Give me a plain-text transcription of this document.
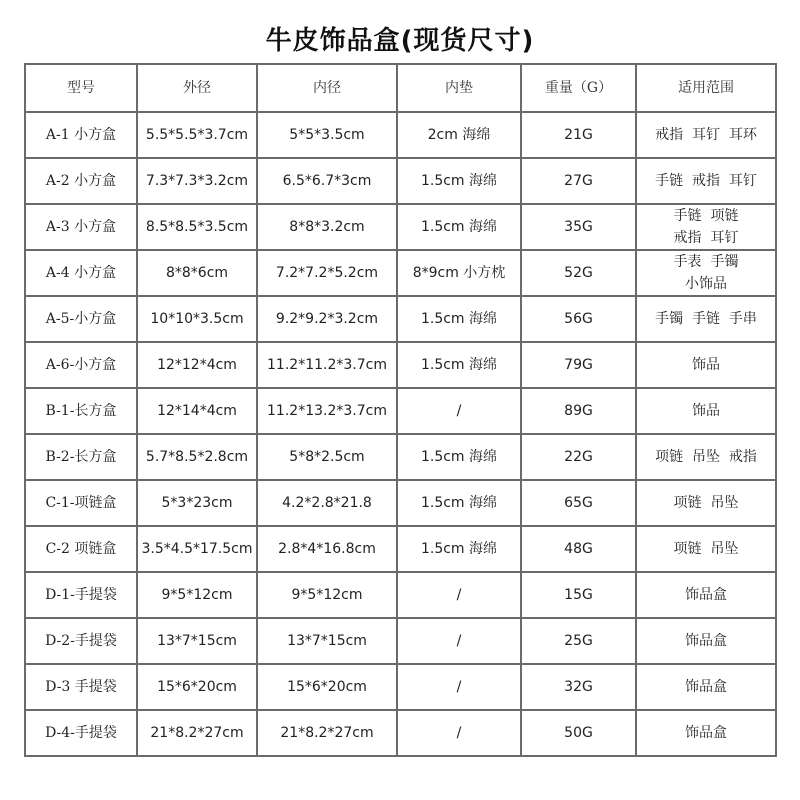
牛皮饰品盒(现货尺寸)
型号	外径	内径	内垫	重量（G）	适用范围
A-1 小方盒	5.5*5.5*3.7cm	5*5*3.5cm	2cm 海绵	21G	戒指  耳钉  耳环

A-2 小方盒	7.3*7.3*3.2cm	6.5*6.7*3cm	1.5cm 海绵	27G	手链  戒指  耳钉

A-3 小方盒	8.5*8.5*3.5cm	8*8*3.2cm	1.5cm 海绵	35G	手链  项链
戒指  耳钉

A-4 小方盒	8*8*6cm	7.2*7.2*5.2cm	8*9cm 小方枕	52G	手表  手镯
小饰品

A-5-小方盒	10*10*3.5cm	9.2*9.2*3.2cm	1.5cm 海绵	56G	手镯  手链  手串

A-6-小方盒	12*12*4cm	11.2*11.2*3.7cm	1.5cm 海绵	79G	饰品

B-1-长方盒	12*14*4cm	11.2*13.2*3.7cm	/	89G	饰品

B-2-长方盒	5.7*8.5*2.8cm	5*8*2.5cm	1.5cm 海绵	22G	项链  吊坠  戒指

C-1-项链盒	5*3*23cm	4.2*2.8*21.8	1.5cm 海绵	65G	项链  吊坠

C-2 项链盒	3.5*4.5*17.5cm	2.8*4*16.8cm	1.5cm 海绵	48G	项链  吊坠

D-1-手提袋	9*5*12cm	9*5*12cm	/	15G	饰品盒

D-2-手提袋	13*7*15cm	13*7*15cm	/	25G	饰品盒

D-3 手提袋	15*6*20cm	15*6*20cm	/	32G	饰品盒

D-4-手提袋	21*8.2*27cm	21*8.2*27cm	/	50G	饰品盒
